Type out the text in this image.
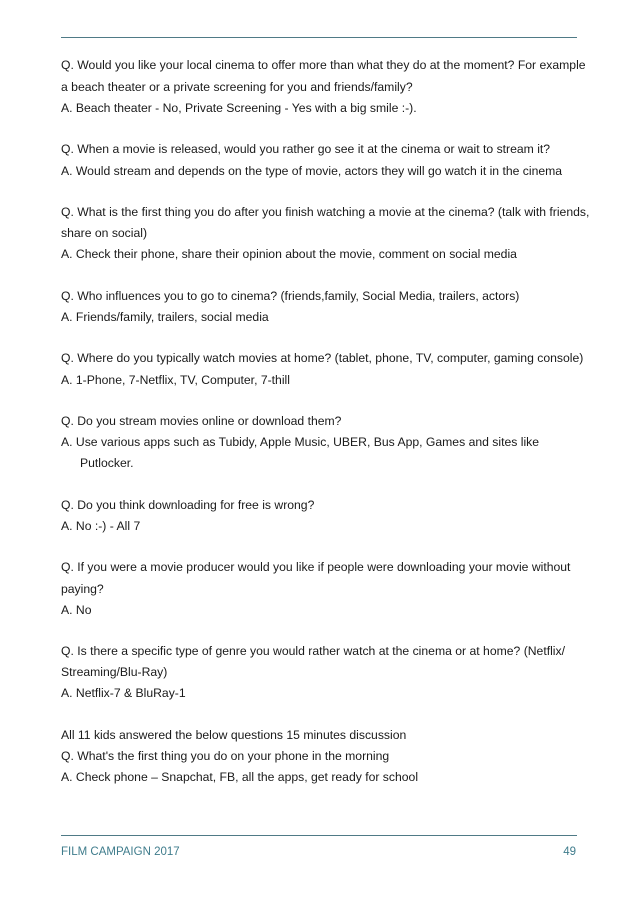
Q. Would you like your local cinema to offer more than what they do at the moment? For example
a beach theater or a private screening for you and friends/family?
A. Beach theater - No, Private Screening - Yes with a big smile :-).
Q. When a movie is released, would you rather go see it at the cinema or wait to stream it?
A. Would stream and depends on the type of movie, actors they will go watch it in the cinema
Q. What is the first thing you do after you finish watching a movie at the cinema? (talk with friends,
share on social)
A. Check their phone, share their opinion about the movie, comment on social media
Q. Who influences you to go to cinema? (friends,family, Social Media, trailers, actors)
A. Friends/family, trailers, social media
Q. Where do you typically watch movies at home? (tablet, phone, TV, computer, gaming console)
A. 1-Phone, 7-Netflix, TV, Computer, 7-thill
Q. Do you stream movies online or download them?
A. Use various apps such as Tubidy, Apple Music, UBER, Bus App, Games and sites like
Putlocker.
Q. Do you think downloading for free is wrong?
A. No :-) - All 7
Q. If you were a movie producer would you like if people were downloading your movie without
paying?
A. No
Q. Is there a specific type of genre you would rather watch at the cinema or at home? (Netflix/
Streaming/Blu-Ray)
A. Netflix-7 & BluRay-1
All 11 kids answered the below questions 15 minutes discussion
Q. What's the first thing you do on your phone in the morning
A. Check phone – Snapchat, FB, all the apps, get ready for school
FILM CAMPAIGN 2017	49
